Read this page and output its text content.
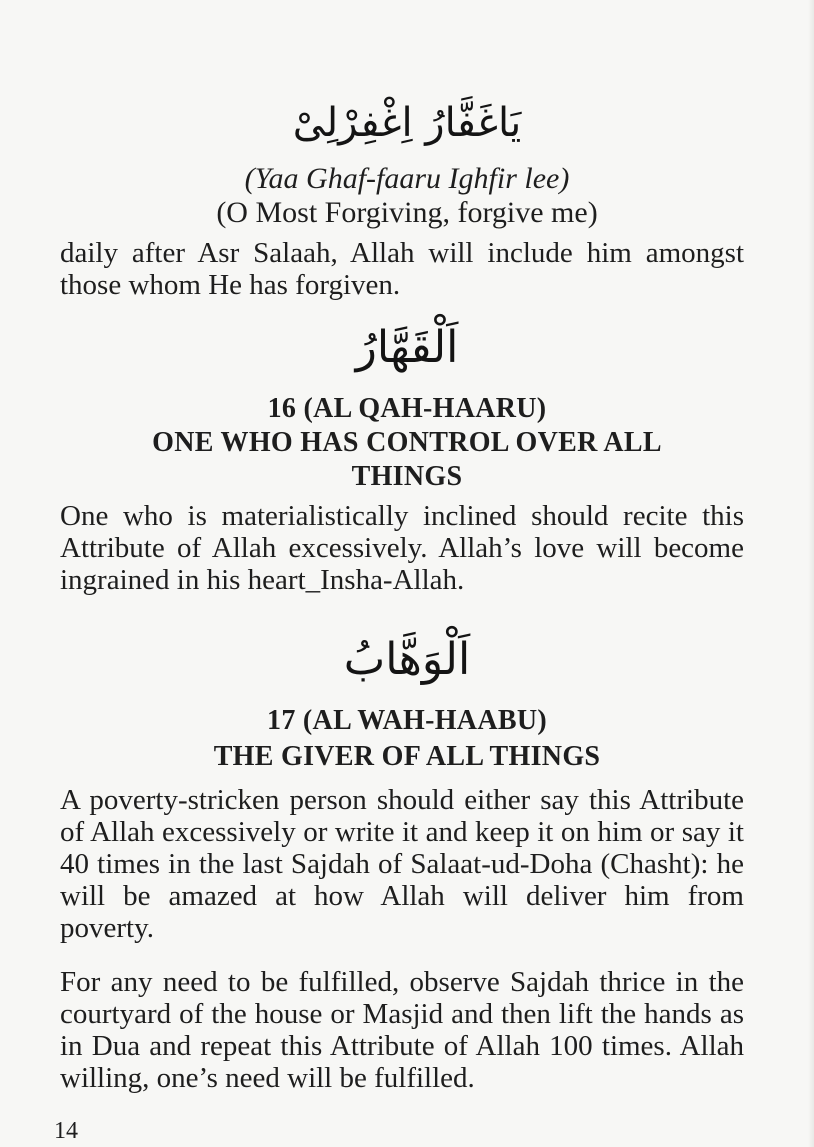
يَاغَفَّارُ اِغْفِرْلِىْ
(Yaa Ghaf-faaru Ighfir lee)
(O Most Forgiving, forgive me)
daily after Asr Salaah, Allah will include him amongst those whom He has forgiven.
اَلْقَهَّارُ
16 (AL QAH-HAARU)
ONE WHO HAS CONTROL OVER ALL
THINGS
One who is materialistically inclined should recite this Attribute of Allah excessively. Allah’s love will become ingrained in his heart_Insha-Allah.
اَلْوَهَّابُ
17 (AL WAH-HAABU)
THE GIVER OF ALL THINGS
A poverty-stricken person should either say this Attribute of Allah excessively or write it and keep it on him or say it 40 times in the last Sajdah of Salaat-ud-Doha (Chasht): he will be amazed at how Allah will deliver him from poverty.
For any need to be fulfilled, observe Sajdah thrice in the courtyard of the house or Masjid and then lift the hands as in Dua and repeat this Attribute of Allah 100 times. Allah willing, one’s need will be fulfilled.
14
